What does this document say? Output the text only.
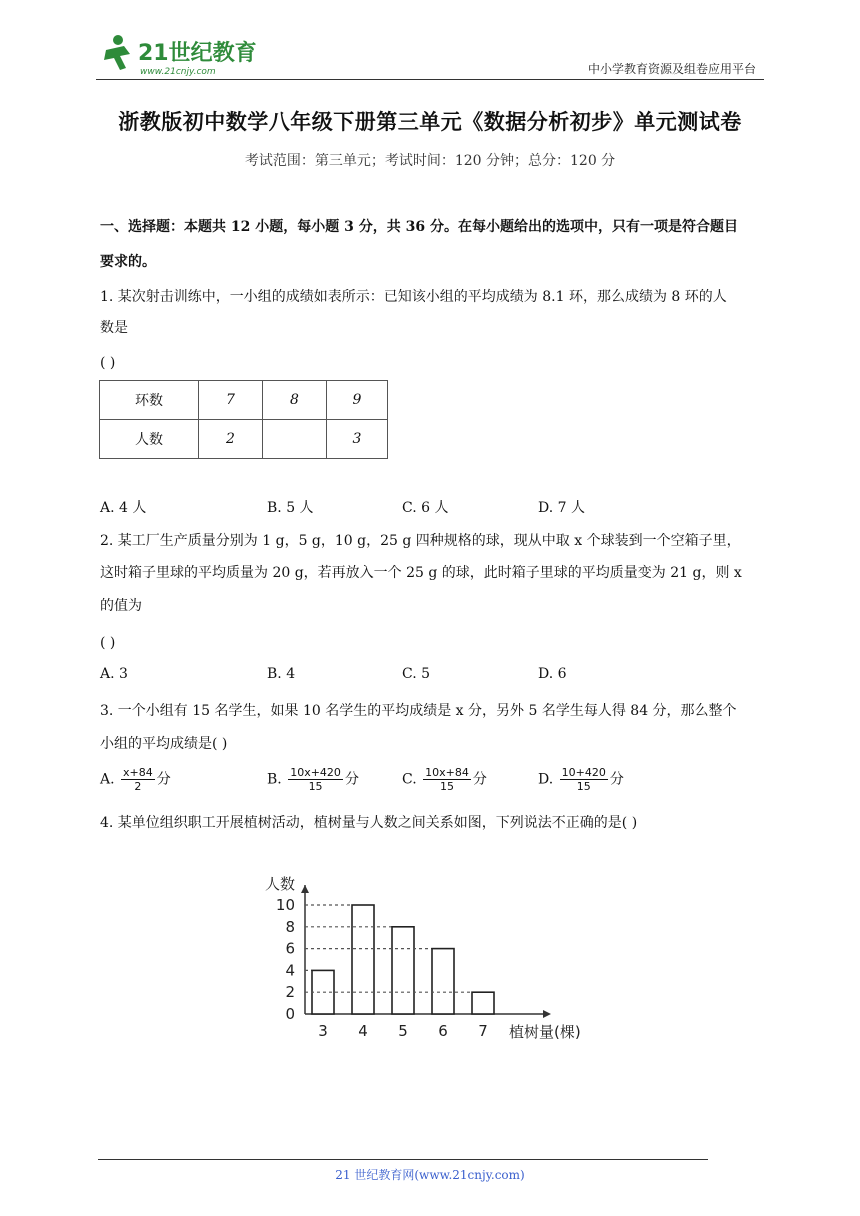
21世纪教育
www.21cnjy.com	中小学教育资源及组卷应用平台
浙教版初中数学八年级下册第三单元《数据分析初步》单元测试卷
考试范围：第三单元；考试时间：120 分钟；总分：120 分
一、选择题：本题共 12 小题，每小题 3 分，共 36 分。在每小题给出的选项中，只有一项是符合题目
要求的。
1. 某次射击训练中，一小组的成绩如表所示：已知该小组的平均成绩为 8.1 环，那么成绩为 8 环的人
数是
( )
环数	7	8	9
人数	2		3
A. 4 人	B. 5 人	C. 6 人	D. 7 人
2. 某工厂生产质量分别为 1 g，5 g，10 g，25 g 四种规格的球，现从中取 x 个球装到一个空箱子里，
这时箱子里球的平均质量为 20 g，若再放入一个 25 g 的球，此时箱子里球的平均质量变为 21 g，则 x
的值为
( )
A. 3	B. 4	C. 5	D. 6
3. 一个小组有 15 名学生，如果 10 名学生的平均成绩是 x 分，另外 5 名学生每人得 84 分，那么整个
小组的平均成绩是( )
A. $\frac{x+84}{2}$ 分	B. $\frac{10x+420}{15}$ 分	C. $\frac{10x+84}{15}$ 分	D. $\frac{10+420}{15}$ 分
4. 某单位组织职工开展植树活动，植树量与人数之间关系如图，下列说法不正确的是( )
人数
0
2
4
6
8
10
3 4 5 6 7 植树量(棵)
21 世纪教育网(www.21cnjy.com)
